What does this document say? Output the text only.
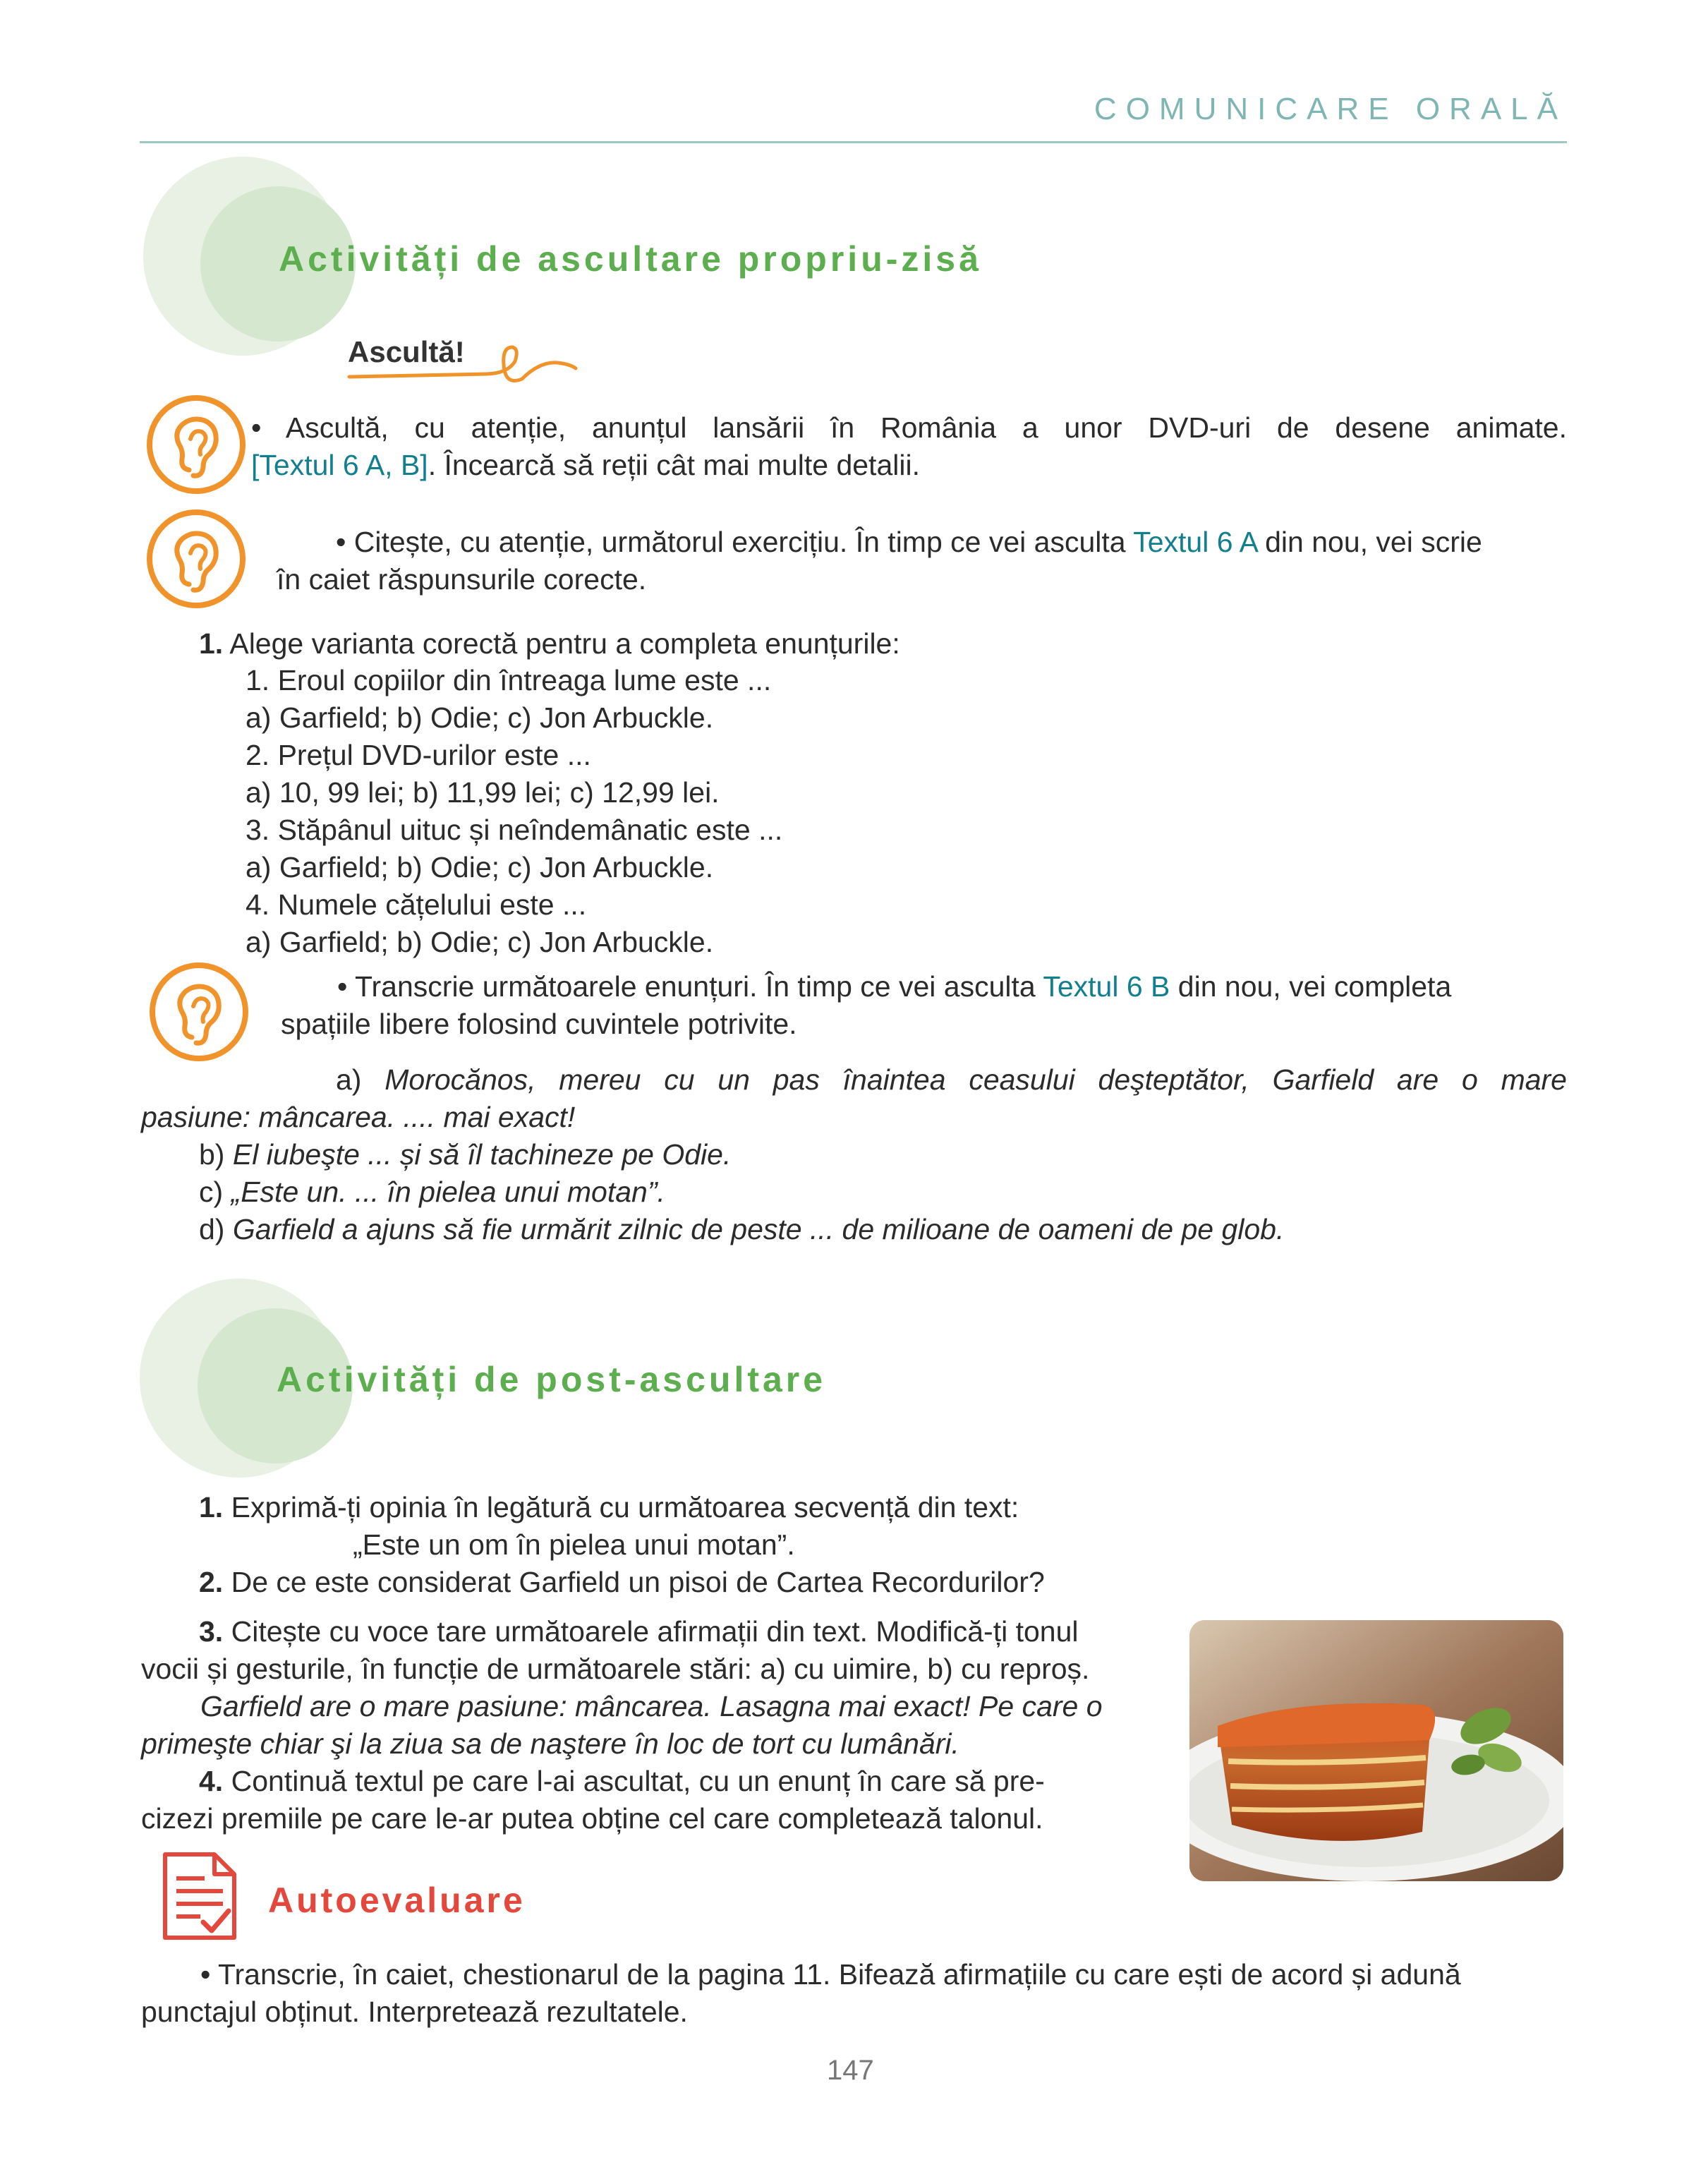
COMUNICARE ORALĂ
Activități de ascultare propriu-zisă
Ascultă!
• Ascultă, cu atenție, anunțul lansării în România a unor DVD-uri de desene animate.
[Textul 6 A, B]. Încearcă să reții cât mai multe detalii.
• Citește, cu atenție, următorul exercițiu. În timp ce vei asculta Textul 6 A din nou, vei scrie
în caiet răspunsurile corecte.
1. Alege varianta corectă pentru a completa enunțurile:
1. Eroul copiilor din întreaga lume este ...
a) Garfield; b) Odie; c) Jon Arbuckle.
2. Prețul DVD-urilor este ...
a) 10, 99 lei; b) 11,99 lei; c) 12,99 lei.
3. Stăpânul uituc și neîndemânatic este ...
a) Garfield; b) Odie; c) Jon Arbuckle.
4. Numele cățelului este ...
a) Garfield; b) Odie; c) Jon Arbuckle.
• Transcrie următoarele enunțuri. În timp ce vei asculta Textul 6 B din nou, vei completa
spațiile libere folosind cuvintele potrivite.
a) Morocănos, mereu cu un pas înaintea ceasului deşteptător, Garfield are o mare
pasiune: mâncarea. .... mai exact!
b) El iubeşte ... și să îl tachineze pe Odie.
c) „Este un. ... în pielea unui motan”.
d) Garfield a ajuns să fie urmărit zilnic de peste ... de milioane de oameni de pe glob.
Activități de post-ascultare
1. Exprimă-ți opinia în legătură cu următoarea secvență din text:
„Este un om în pielea unui motan”.
2. De ce este considerat Garfield un pisoi de Cartea Recordurilor?
3. Citește cu voce tare următoarele afirmații din text. Modifică-ți tonul
vocii și gesturile, în funcție de următoarele stări: a) cu uimire, b) cu reproș.
Garfield are o mare pasiune: mâncarea. Lasagna mai exact! Pe care o
primeşte chiar şi la ziua sa de naştere în loc de tort cu lumânări.
4. Continuă textul pe care l-ai ascultat, cu un enunț în care să pre-
cizezi premiile pe care le-ar putea obține cel care completează talonul.
Autoevaluare
• Transcrie, în caiet, chestionarul de la pagina 11. Bifează afirmațiile cu care ești de acord și adună
punctajul obținut. Interpretează rezultatele.
147
